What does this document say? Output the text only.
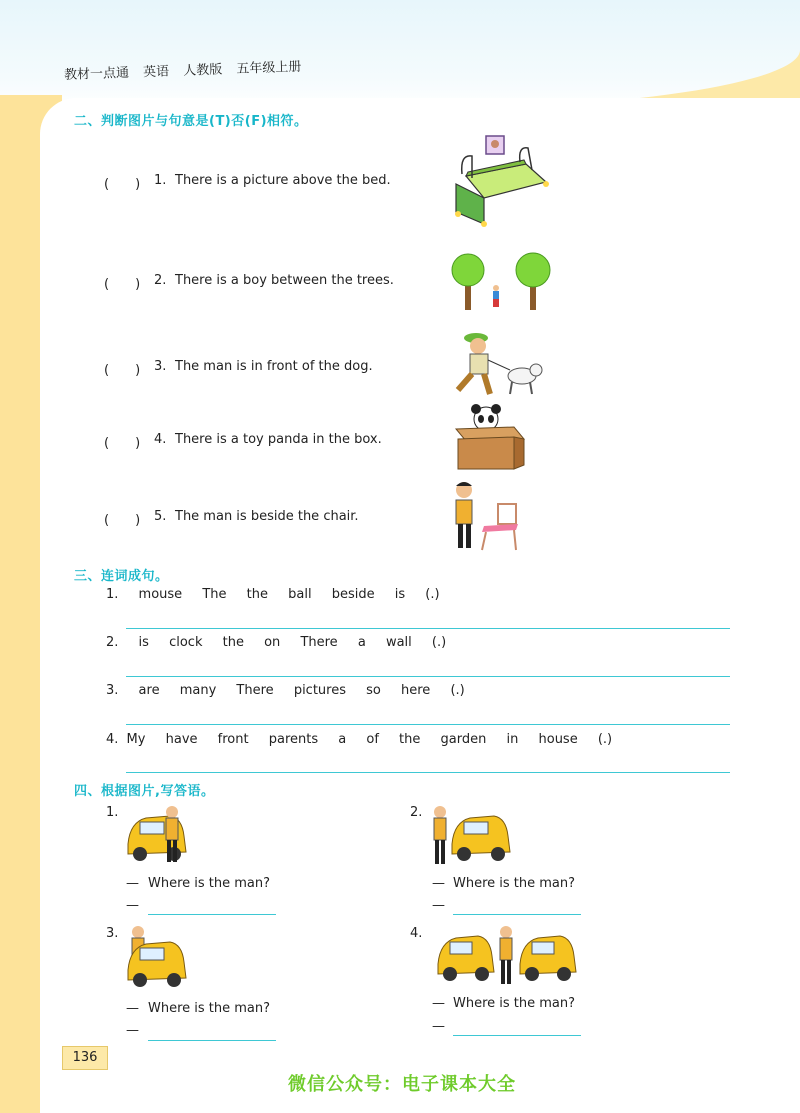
教材一点通 英语 人教版 五年级上册
二、判断图片与句意是(T)否(F)相符。
(　　) 1. There is a picture above the bed.
(　　) 2. There is a boy between the trees.
(　　) 3. The man is in front of the dog.
(　　) 4. There is a toy panda in the box.
(　　) 5. The man is beside the chair.
三、连词成句。
1. mouse The the ball beside is (.)
2. is clock the on There a wall (.)
3. are many There pictures so here (.)
4. My have front parents a of the garden in house (.)
四、根据图片,写答语。
1.
— Where is the man?
—
2.
— Where is the man?
—
3.
— Where is the man?
—
4.
— Where is the man?
—
136
微信公众号：电子课本大全
